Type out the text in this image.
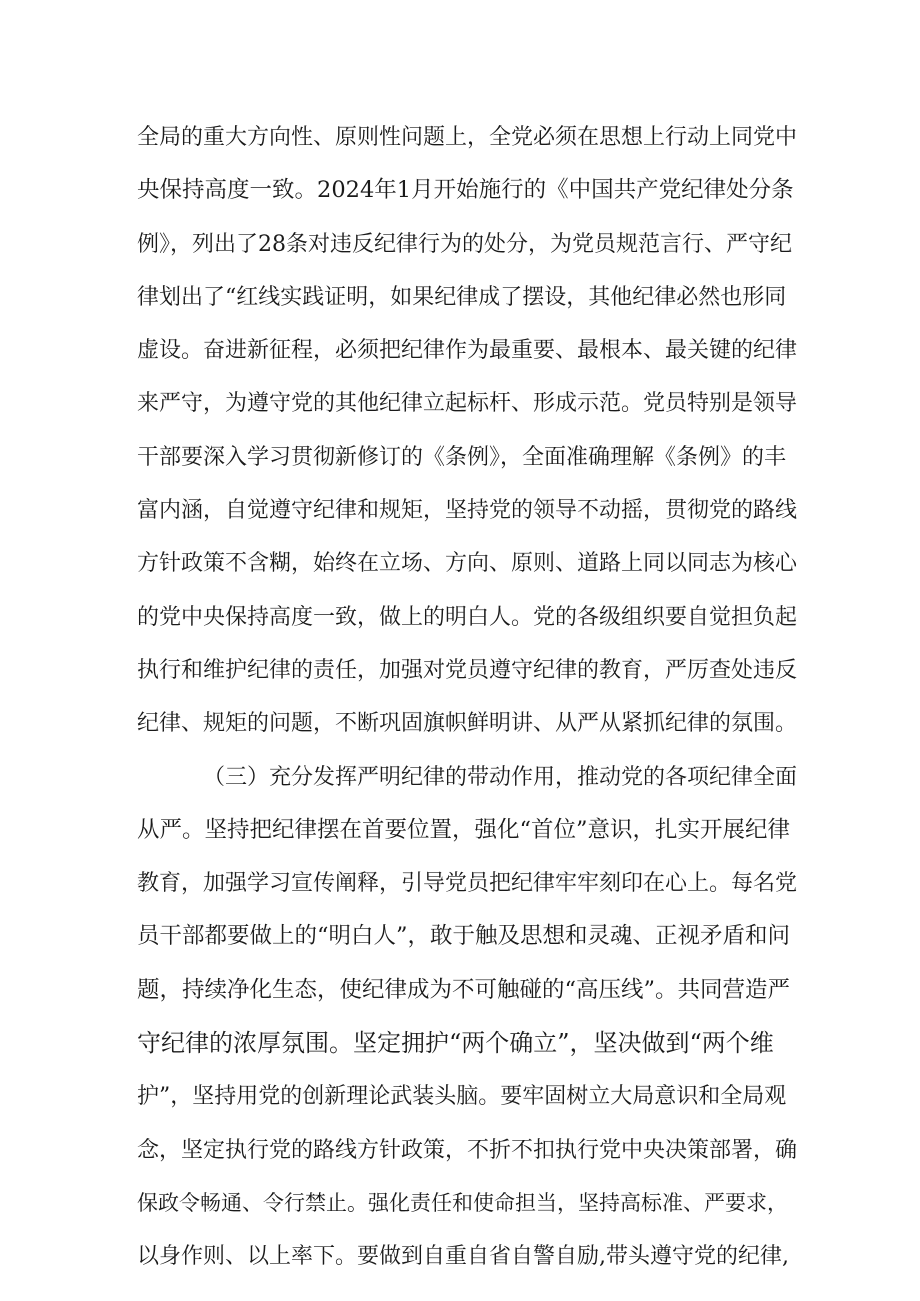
全局的重大方向性、原则性问题上，全党必须在思想上行动上同党中
央保持高度一致。2024年1月开始施行的《中国共产党纪律处分条
例》，列出了28条对违反纪律行为的处分，为党员规范言行、严守纪
律划出了“红线实践证明，如果纪律成了摆设，其他纪律必然也形同
虚设。奋进新征程，必须把纪律作为最重要、最根本、最关键的纪律
来严守，为遵守党的其他纪律立起标杆、形成示范。党员特别是领导
干部要深入学习贯彻新修订的《条例》，全面准确理解《条例》的丰
富内涵，自觉遵守纪律和规矩，坚持党的领导不动摇，贯彻党的路线
方针政策不含糊，始终在立场、方向、原则、道路上同以同志为核心
的党中央保持高度一致，做上的明白人。党的各级组织要自觉担负起
执行和维护纪律的责任，加强对党员遵守纪律的教育，严厉查处违反
纪律、规矩的问题，不断巩固旗帜鲜明讲、从严从紧抓纪律的氛围。
（三）充分发挥严明纪律的带动作用，推动党的各项纪律全面
从严。坚持把纪律摆在首要位置，强化“首位”意识，扎实开展纪律
教育，加强学习宣传阐释，引导党员把纪律牢牢刻印在心上。每名党
员干部都要做上的“明白人”，敢于触及思想和灵魂、正视矛盾和问
题，持续净化生态，使纪律成为不可触碰的“高压线”。共同营造严
守纪律的浓厚氛围。坚定拥护“两个确立”，坚决做到“两个维
护”，坚持用党的创新理论武装头脑。要牢固树立大局意识和全局观
念，坚定执行党的路线方针政策，不折不扣执行党中央决策部署，确
保政令畅通、令行禁止。强化责任和使命担当，坚持高标准、严要求，
以身作则、以上率下。要做到自重自省自警自励,带头遵守党的纪律,
